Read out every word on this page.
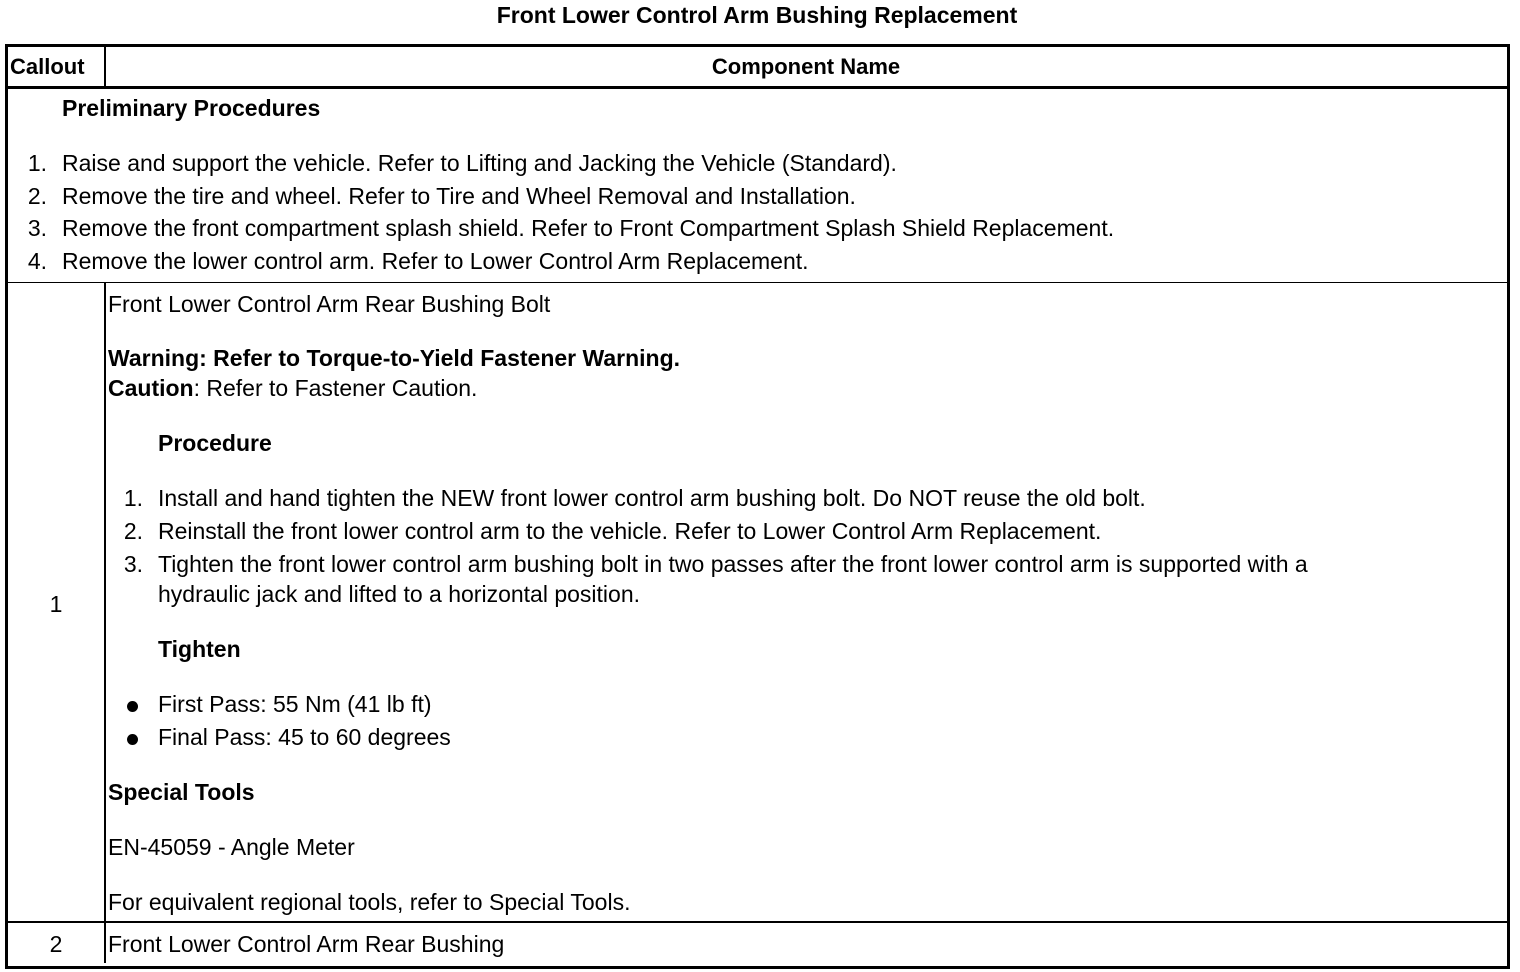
Front Lower Control Arm Bushing Replacement
Callout	Component Name
Preliminary Procedures
1. Raise and support the vehicle. Refer to Lifting and Jacking the Vehicle (Standard).
2. Remove the tire and wheel. Refer to Tire and Wheel Removal and Installation.
3. Remove the front compartment splash shield. Refer to Front Compartment Splash Shield Replacement.
4. Remove the lower control arm. Refer to Lower Control Arm Replacement.
1
Front Lower Control Arm Rear Bushing Bolt
Warning: Refer to Torque-to-Yield Fastener Warning.
Caution: Refer to Fastener Caution.
Procedure
1. Install and hand tighten the NEW front lower control arm bushing bolt. Do NOT reuse the old bolt.
2. Reinstall the front lower control arm to the vehicle. Refer to Lower Control Arm Replacement.
3. Tighten the front lower control arm bushing bolt in two passes after the front lower control arm is supported with a
hydraulic jack and lifted to a horizontal position.
Tighten
First Pass: 55 Nm (41 lb ft)
Final Pass: 45 to 60 degrees
Special Tools
EN-45059 - Angle Meter
For equivalent regional tools, refer to Special Tools.
2	Front Lower Control Arm Rear Bushing
